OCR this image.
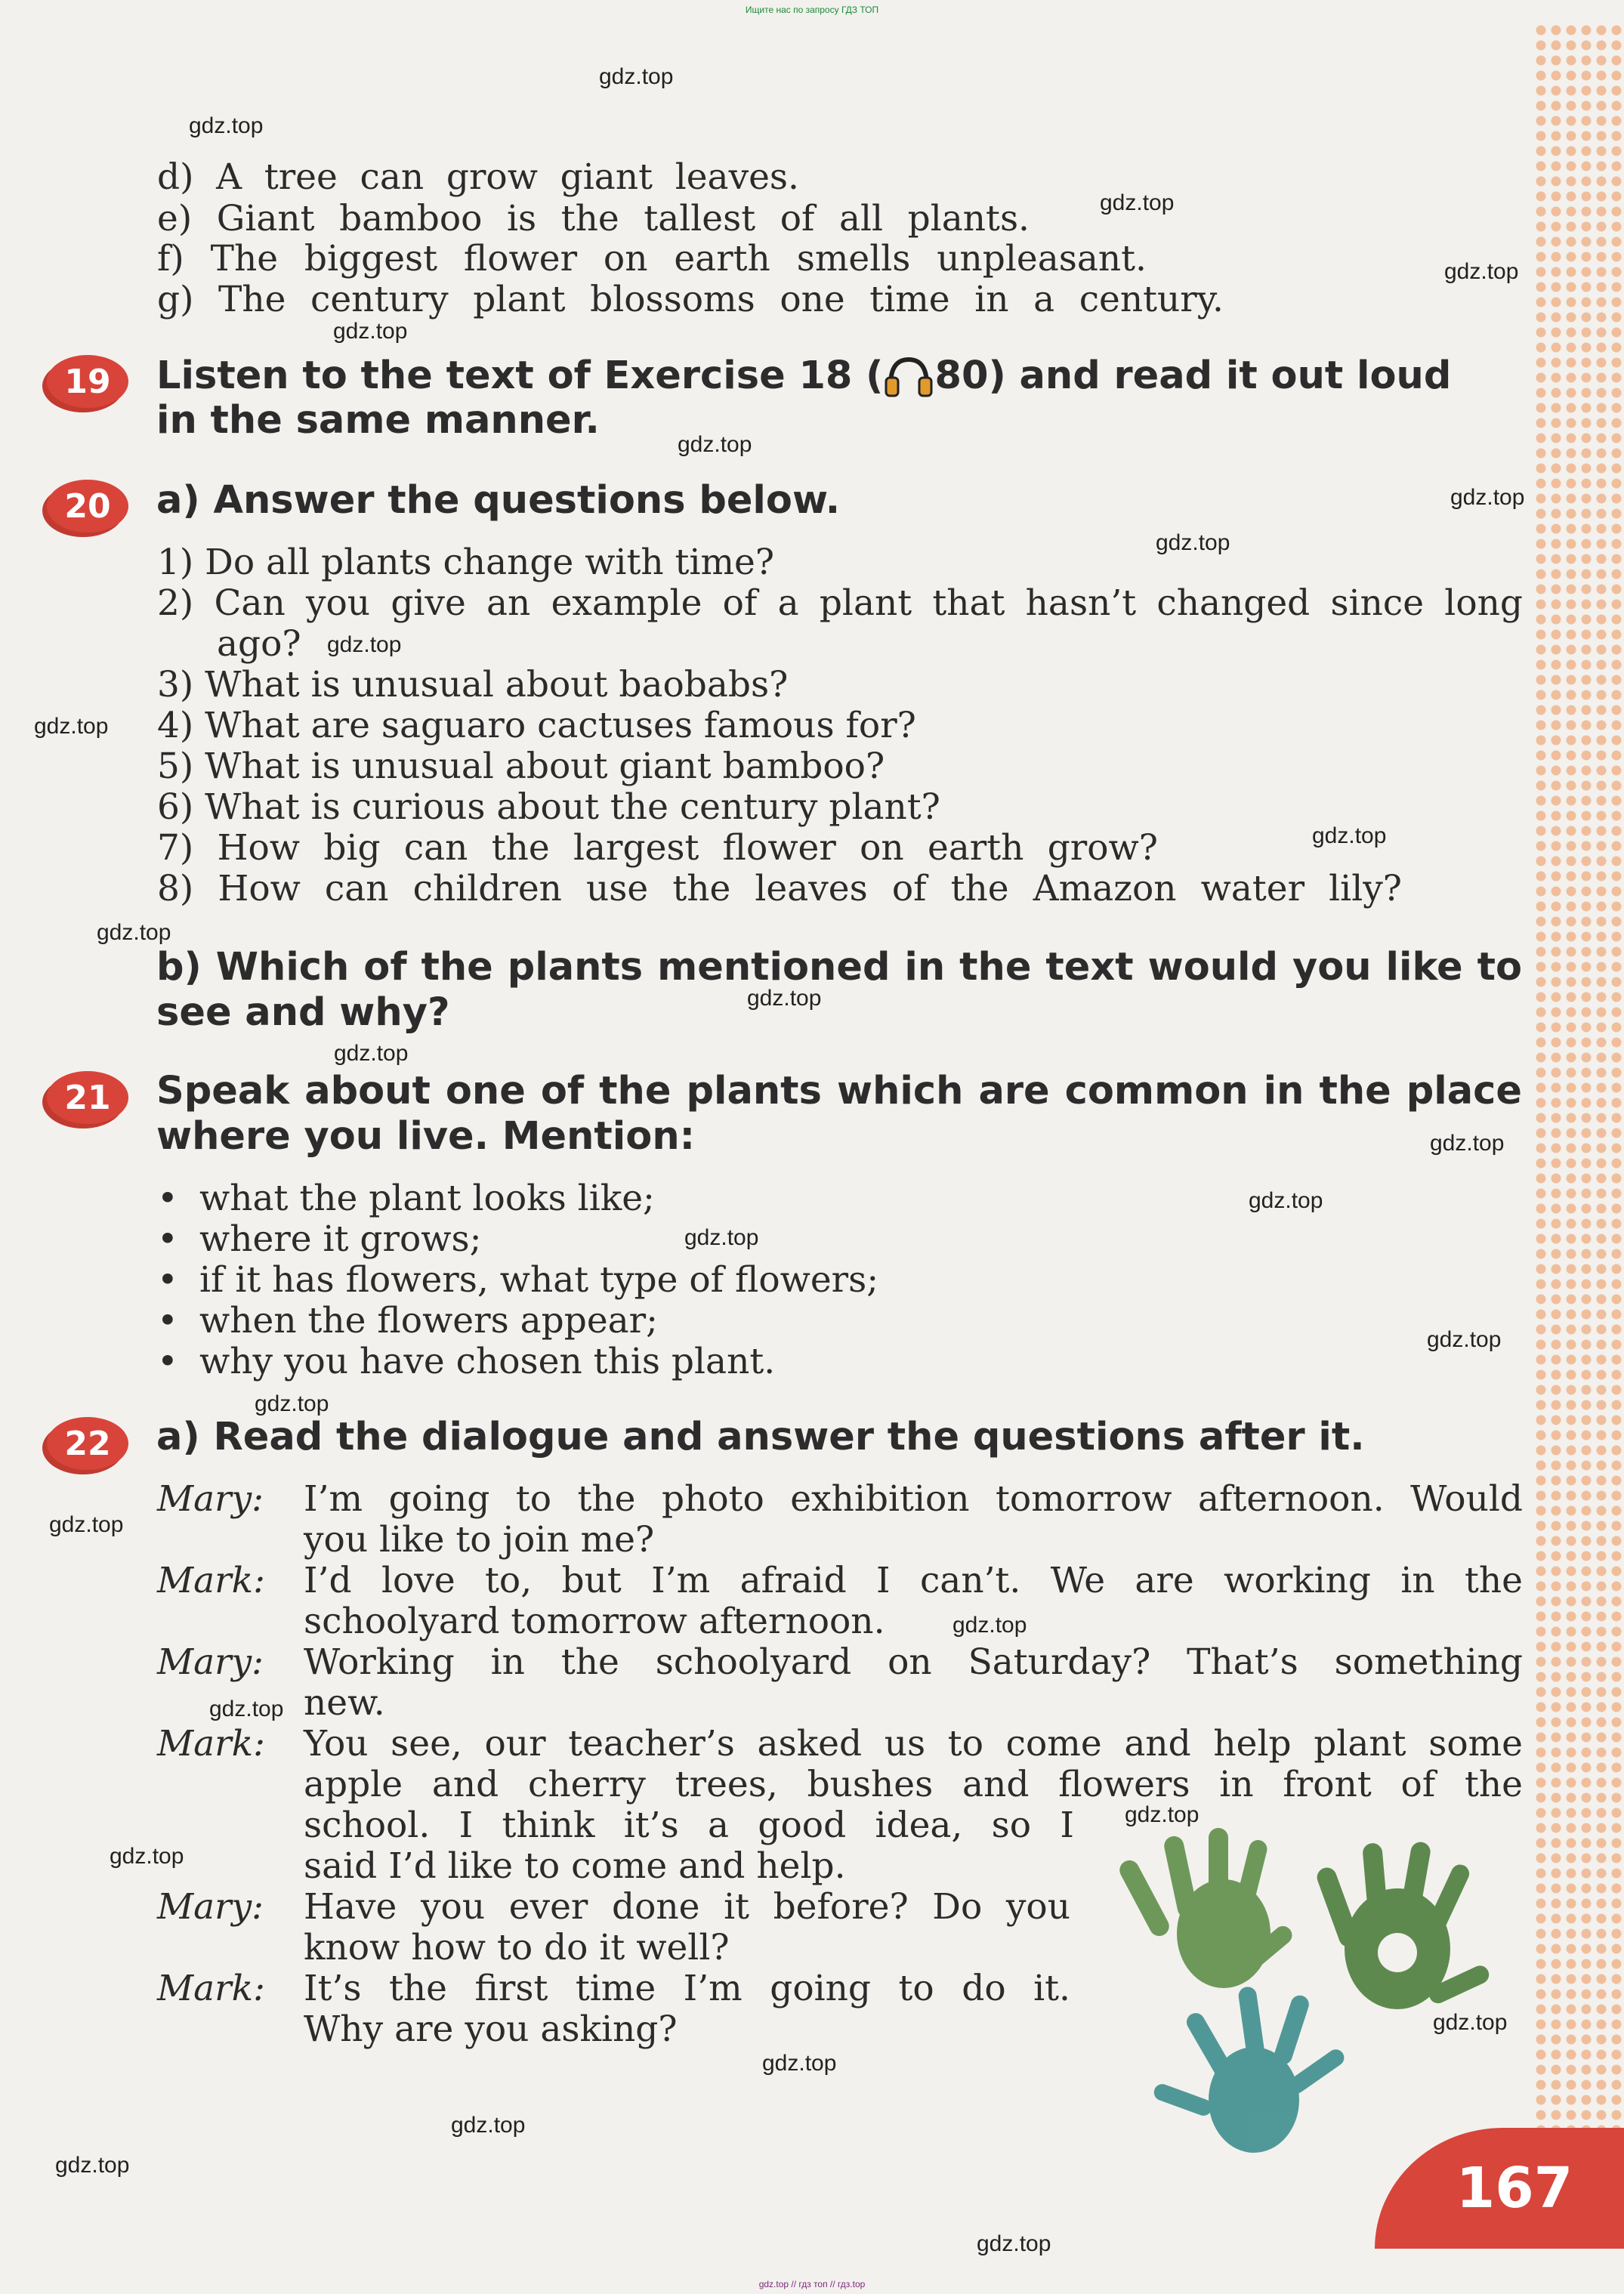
Ищите нас по запросу ГДЗ ТОП
d) A tree can grow giant leaves.
e) Giant bamboo is the tallest of all plants.
f) The biggest flower on earth smells unpleasant.
g) The century plant blossoms one time in a century.
19	Listen to the text of Exercise 18 ( 80) and read it out loud
in the same manner.
20	a) Answer the questions below.
1) Do all plants change with time?
2) Can you give an example of a plant that hasn’t changed since long
ago?
3) What is unusual about baobabs?
4) What are saguaro cactuses famous for?
5) What is unusual about giant bamboo?
6) What is curious about the century plant?
7) How big can the largest flower on earth grow?
8) How can children use the leaves of the Amazon water lily?
b) Which of the plants mentioned in the text would you like to
see and why?
21	Speak about one of the plants which are common in the place
where you live. Mention:
• what the plant looks like;
• where it grows;
• if it has flowers, what type of flowers;
• when the flowers appear;
• why you have chosen this plant.
22	a) Read the dialogue and answer the questions after it.
Mary: I’m going to the photo exhibition tomorrow afternoon. Would
you like to join me?
Mark: I’d love to, but I’m afraid I can’t. We are working in the
schoolyard tomorrow afternoon.
Mary: Working in the schoolyard on Saturday? That’s something
new.
Mark: You see, our teacher’s asked us to come and help plant some
apple and cherry trees, bushes and flowers in front of the
school. I think it’s a good idea, so I
said I’d like to come and help.
Mary: Have you ever done it before? Do you
know how to do it well?
Mark: It’s the first time I’m going to do it.
Why are you asking?
167
gdz.top
gdz.top
gdz.top
gdz.top
gdz.top
gdz.top
gdz.top
gdz.top
gdz.top
gdz.top
gdz.top
gdz.top
gdz.top
gdz.top
gdz.top
gdz.top
gdz.top
gdz.top
gdz.top
gdz.top
gdz.top
gdz.top
gdz.top
gdz.top
gdz.top
gdz.top
gdz.top
gdz.top
gdz.top
gdz.top // гдз топ // гдз.top
